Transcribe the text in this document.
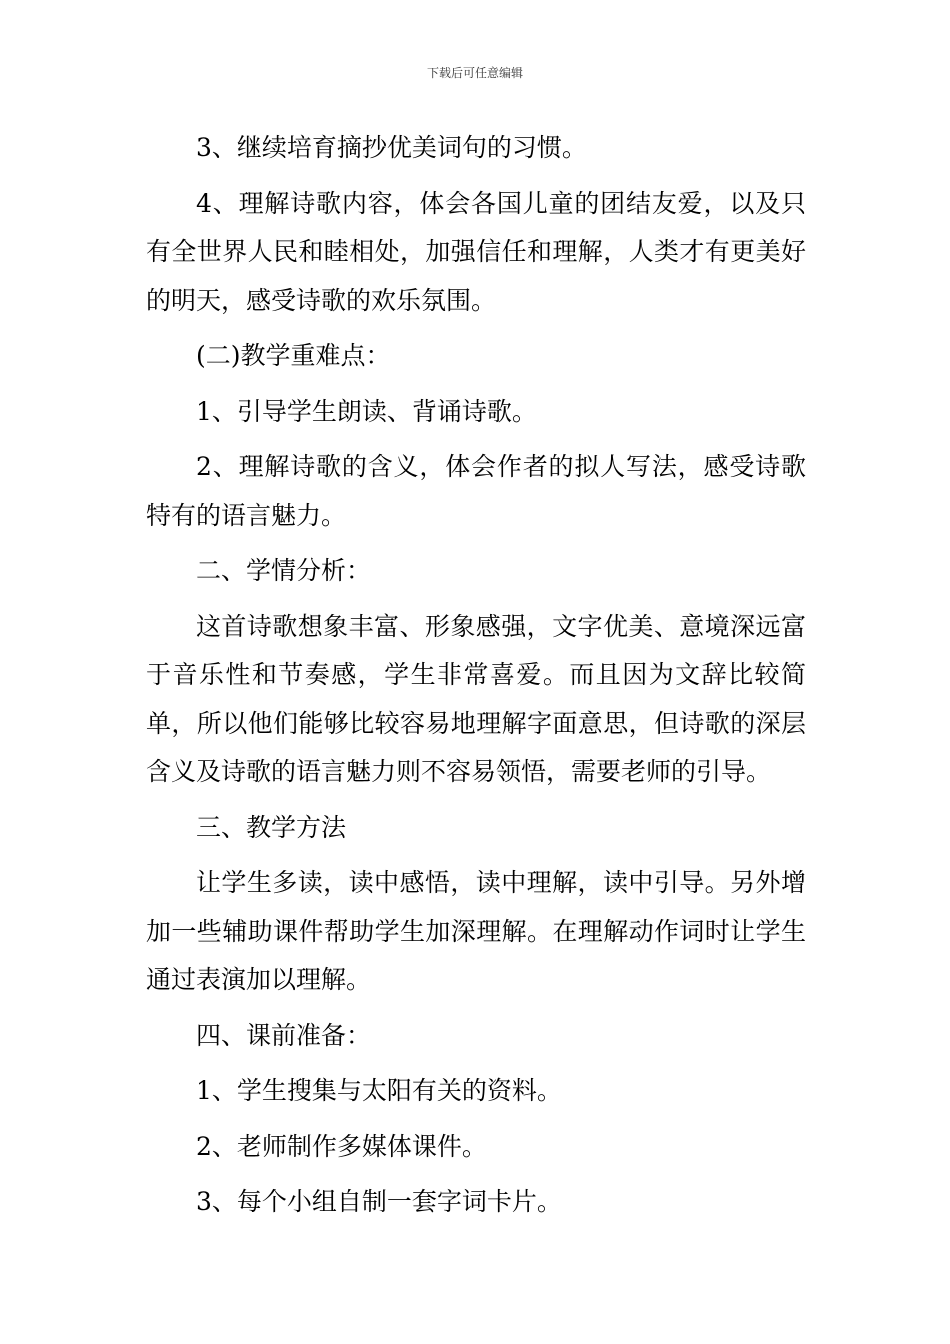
下载后可任意编辑

3、继续培育摘抄优美词句的习惯。

4、理解诗歌内容，体会各国儿童的团结友爱，以及只有全世界人民和睦相处，加强信任和理解，人类才有更美好的明天，感受诗歌的欢乐氛围。

(二)教学重难点：

1、引导学生朗读、背诵诗歌。

2、理解诗歌的含义，体会作者的拟人写法，感受诗歌特有的语言魅力。

二、学情分析：

这首诗歌想象丰富、形象感强，文字优美、意境深远富于音乐性和节奏感，学生非常喜爱。而且因为文辞比较简单，所以他们能够比较容易地理解字面意思，但诗歌的深层含义及诗歌的语言魅力则不容易领悟，需要老师的引导。

三、教学方法

让学生多读，读中感悟，读中理解，读中引导。另外增加一些辅助课件帮助学生加深理解。在理解动作词时让学生通过表演加以理解。

四、课前准备：

1、学生搜集与太阳有关的资料。

2、老师制作多媒体课件。

3、每个小组自制一套字词卡片。
